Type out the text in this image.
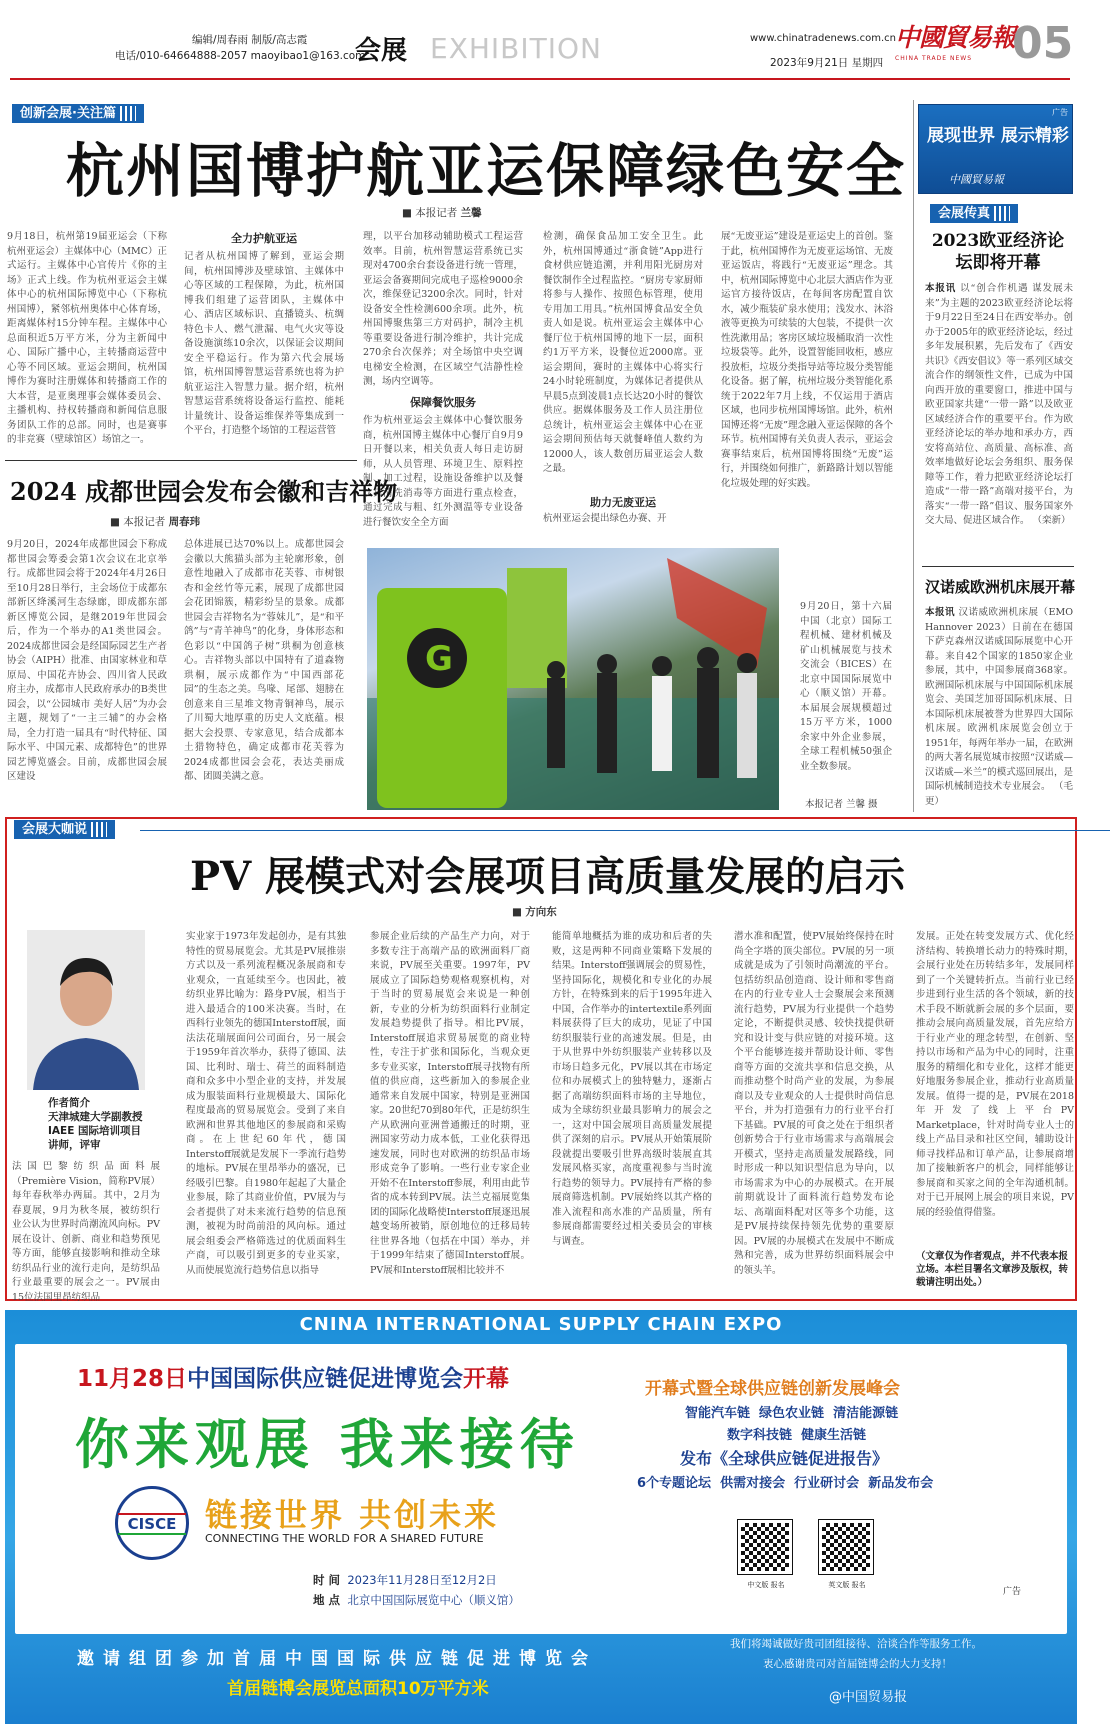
编辑/周春雨 制版/高志霞
电话/010-64664888-2057 maoyibao1@163.com
会展 EXHIBITION	www.chinatradenews.com.cn
2023年9月21日 星期四
中國貿易報
CHINA TRADE NEWS 05
创新会展·关注篇
杭州国博护航亚运保障绿色安全
■ 本报记者 兰馨
9月18日，杭州第19届亚运会（下称杭州亚运会）主媒体中心（MMC）正式运行。主媒体中心官传片《你的主场》正式上线。作为杭州亚运会主媒体中心的杭州国际博览中心（下称杭州国博），紧邻杭州奥体中心体育场，距离媒体村15分钟车程。主媒体中心总面积近5万平方米，分为主新闻中心、国际广播中心，主转播商运营中心等不同区域。亚运会期间，杭州国博作为赛时注册媒体和转播商工作的大本营，是亚奥理事会媒体委员会、主播机构、持权转播商和新闻信息服务团队工作的总部。同时，也是赛事的非竞赛（壁球馆区）场馆之一。
全力护航亚运
记者从杭州国博了解到，亚运会期间，杭州国博涉及壁球馆、主媒体中心等区域的工程保障，为此，杭州国博我们组建了运营团队，主媒体中心、酒店区域标识、直播镜头、杭绸特色卡人、燃气泄漏、电气火灾等设备设施演练10余次，以保证会议期间安全平稳运行。作为第六代会展场馆，杭州国博智慧运营系统也将为护航亚运注入智慧力量。据介绍，杭州智慧运营系统将设备运行监控、能耗计量统计、设备运维保养等集成到一个平台，打造整个场馆的工程运营管
理，以平台加移动辅助模式工程运营效率。目前，杭州智慧运营系统已实现对4700余台套设备进行统一管理，亚运会备赛期间完成电子巡检9000余次，维保登记3200余次。同时，针对设备安全性检测600余项。此外，杭州国博聚焦第三方对码护，制冷主机等重要设备进行制冷维护，共计完成270余台次保养；对全场馆中央空调电梯安全检测，在区域空气洁静性检测，场内空调等。
保障餐饮服务
作为杭州亚运会主媒体中心餐饮服务商，杭州国博主媒体中心餐厅自9月9日开餐以来，相关负责人每日走访厨师，从人员管理、环境卫生、原料控制、加工过程，设施设备维护以及餐饮具清洗消毒等方面进行重点检查，通过完成与粗、红外测温等专业设备进行餐饮安全全方面
检测，确保食品加工安全卫生。此外，杭州国博通过“浙食链”App进行食材供应链追溯，并利用阳光厨房对餐饮制作全过程监控。“厨房专家厨师将参与人操作、按照色标管理，使用专用加工用具。”杭州国博食品安全负责人如是说。杭州亚运会主媒体中心餐厅位于杭州国博的地下一层，面积约1万平方米，设餐位近2000席。亚运会期间，赛时的主媒体中心将实行24小时轮班制度，为媒体记者提供从早晨5点到凌晨1点长达20小时的餐饮供应。据媒体服务及工作人员注册位总统计，杭州亚运会主媒体中心在亚运会期间预估每天就餐峰值人数约为12000人，该人数创历届亚运会人数之最。
助力无废亚运
杭州亚运会提出绿色办赛、开
展“无废亚运”建设是亚运史上的首创。鉴于此，杭州国博作为无废亚运场馆、无废亚运饭店，将践行“无废亚运”理念。其中，杭州国际博览中心北层大酒店作为亚运官方接待饭店，在每间客房配置自饮水，减少瓶装矿泉水使用；浅发水、沐浴液等更换为可续装的大包装，不提供一次性洗漱用品；客房区域垃圾桶取消一次性垃圾袋等。此外，设置智能回收柜，感应投放柜，垃圾分类指导站等垃圾分类智能化设备。据了解，杭州垃圾分类智能化系统于2022年7月上线，不仅运用于酒店区域，也同步杭州国博场馆。此外，杭州国博还将“无废”理念融入亚运保障的各个环节。杭州国博有关负责人表示，亚运会赛事结束后，杭州国博将围绕“无废”运行，并围绕如何推广，新路路计划以智能化垃圾处理的好实践。
2024 成都世园会发布会徽和吉祥物
■ 本报记者 周春玮
9月20日，2024年成都世园会下称成都世园会筹委会第1次会议在北京举行。成都世园会将于2024年4月26日至10月28日举行，主会场位于成都东部新区绛溪河生态绿廊，即成都东部新区博览公园，是继2019年世园会后，作为一个举办的A1类世园会。2024成都世园会是经国际园艺生产者协会（AIPH）批准、由国家林业和草原局、中国花卉协会、四川省人民政府主办，成都市人民政府承办的B类世园会，以“公园城市 美好人居”为办会主题，规划了“一主三辅”的办会格局，全力打造一届具有“时代特征、国际水平、中国元素、成都特色”的世界园艺博览盛会。目前，成都世园会展区建设
总体进展已达70%以上。成都世园会会徽以大熊猫头部为主轮廓形象，创意性地融入了成都市花芙蓉、市树银杏和金丝竹等元素，展现了成都世园会花团锦簇，精彩纷呈的景象。成都世园会吉祥物名为“蓉妹儿”，是“和平鸽”与“青羊神鸟”的化身，身体形态和色彩以“中国鸽子树”珙桐为创意核心。吉祥物头部以中国特有了道森物珙桐，展示成都作为“中国西部花园”的生态之美。鸟喙、尾部、翅膀在创意来自三星堆文物青铜神鸟，展示了川蜀大地厚重的历史人文底蕴。根据大会投票、专家意见，结合成都本土猎物特色，确定成都市花芙蓉为2024成都世园会会花，表达美丽成都、团圆美满之意。
G
9月20日，第十六届中国（北京）国际工程机械、建材机械及矿山机械展览与技术交流会（BICES）在北京中国国际展览中心（顺义馆）开幕。本届展会展规模超过15万平方米，1000余家中外企业参展，全球工程机械50强企业全数参展。
本报记者 兰馨 摄
展现世界 展示精彩
中國貿易報
广告
会展传真
2023欧亚经济论坛即将开幕
本报讯 以“创合作机遇 谋发展未来”为主题的2023欧亚经济论坛将于9月22日至24日在西安举办。创办于2005年的欧亚经济论坛，经过多年发展积累，先后发布了《西安共识》《西安倡议》等一系列区域交流合作的纲领性文件，已成为中国向西开放的重要窗口，推进中国与欧亚国家共建“一带一路”以及欧亚区域经济合作的重要平台。作为欧亚经济论坛的举办地和承办方，西安将高站位、高质量、高标准、高效率地做好论坛会务组织、服务保障等工作，着力把欧亚经济论坛打造成“一带一路”高端对接平台，为落实“一带一路”倡议、服务国家外交大局、促进区域合作。 （栾新）
汉诺威欧洲机床展开幕
本报讯 汉诺威欧洲机床展（EMO Hannover 2023）日前在在德国下萨克森州汉诺威国际展览中心开幕。来自42个国家的1850家企业参展，其中，中国参展商368家。欧洲国际机床展与中国国际机床展览会、美国芝加哥国际机床展、日本国际机床展被誉为世界四大国际机床展。欧洲机床展览会创立于1951年，每两年举办一届，在欧洲的两大著名展览城市按照“汉诺威—汉诺威—米兰”的模式巡回展出，是国际机械制造技术专业展会。 （毛更）
会展大咖说
PV 展模式对会展项目高质量发展的启示
■ 方向东
作者简介
天津城建大学副教授
IAEE 国际培训项目
讲师，评审
法国巴黎纺织品面料展（Première Vision，简称PV展）每年春秋举办两届。其中，2月为春夏展，9月为秋冬展，被纺织行业公认为世界时尚潮流风向标。PV展在设计、创新、商业和趋势预见等方面，能够直接影响和推动全球纺织品行业的流行走向，是纺织品行业最重要的展会之一。PV展由15位法国里昂纺织品
实业家于1973年发起创办，是有其独特性的贸易展览会。尤其是PV展推崇方式以及一系列流程概况条展商和专业观众，一直延续至今。也因此，被纺织业界比喻为：路身PV展，相当于进入最适合的100米决赛。当时，在西科行业领先的德国Interstoff展，面法法花瑞展面问公司面台，另一展会于1959年首次举办，获得了德国、法国、比利时、瑞士、荷兰的面料制造商和众多中小型企业的支持，并发展成为服装面料行业规模最大、国际化程度最高的贸易展览会。受到了来自欧洲和世界其他地区的参展商和采购商。在上世纪60年代，德国Interstoff展就是发展下一季流行趋势的地标。PV展在里昂举办的盛况，已经吸引巴黎。自1980年起起了大量企业参展，除了其商业价值，PV展为与会者提供了对未来流行趋势的信息预测，被视为时尚前沿的风向标。通过展会组委会严格筛选过的优质面料生产商，可以吸引到更多的专业买家，从而使展览流行趋势信息以指导
参展企业后续的产品生产力向，对于多数专注于高端产品的欧洲面料厂商来说，PV展至关重要。1997年，PV展成立了国际趋势观格观察机构，对于当时的贸易展览会来说是一种创新，专业的分析为纺织面料行业制定发展趋势提供了指导。相比PV展，Interstoff展追求贸易展览的商业特性，专注于扩张和国际化，当观众更多专业买家，Interstoff展寻找物有所值的供应商，这些新加入的参展企业通常来自发展中国家，特别是亚洲国家。20世纪70到80年代，正是纺织生产从欧洲向亚洲普通搬迁的时期，亚洲国家劳动力成本低，工业化获得迅速发展，同时也对欧洲的纺织品市场形成竞争了影响。一些行业专家企业开始不在Interstoff参展，利用由此节省的成本转到PV展。法兰克福展览集团的国际化战略使Interstoff展逐迅展越变场所被销，原创地位的迁移局转往世界各地（包括在中国）举办，并于1999年结束了德国Interstoff展。PV展和Interstoff展相比较并不
能简单地概括为谁的成功和后者的失败，这是两种不同商业策略下发展的结果。Interstoff强调展会的贸易性，坚持国际化，规模化和专业化的办展方针，在特殊到来的后于1995年进入中国，合作举办的intertextile系列面料展获得了巨大的成功，见证了中国纺织服装行业的高速发展。但是，由于从世界中外纺织服装产业转移以及市场日趋多元化，PV展以其在市场定位和办展模式上的独特魅力，逐渐占据了高端纺织面料市场的主导地位，成为全球纺织业最具影响力的展会之一，这对中国会展项目高质量发展提供了深刻的启示。PV展从开始策展阶段就提出要吸引世界高级时装展直其发展风格买家，高度重视参与当时流行趋势的领导力。PV展持有严格的参展商筛选机制。PV展始终以其产格的准入流程和高水准的产品质量，所有参展商都需要经过相关委员会的审核与调查。
潜水准和配置，使PV展始终保持在时尚全字塔的顶尖部位。PV展的另一项成就是成为了引领时尚潮流的平台。包括纺织品创造商、设计师和零售商在内的行业专业人士会聚展会来预测流行趋势，PV展为行业提供一个趋势定论，不断提供灵感、较快找提供研究和设计变与供应链的对接环境。这个平台能够连接并帮助设计师、零售商等方面的交流共享和信息交换，从而推动整个时尚产业的发展，为参展商以及专业观众的人士提供时尚信息平台，并为打造强有力的行业平台打下基础。PV展的可食之处在于组织者创新势合于行业市场需求与高端展会开模式，坚持走高质量发展路线，同时形成一种以知识型信息为导向，以市场需求为中心的办展模式。在开展前期就设计了面料流行趋势发布论坛、高端面料配对区等多个功能，这是PV展持续保持领先优势的重要原因。PV展的办展模式在发展中不断成熟和完善，成为世界纺织面料展会中的领头羊。
发展。正处在转变发展方式、优化经济结构、转换增长动力的特殊时期，会展行业处在历转结多年，发展同样到了一个关键转折点。当前行业已经步进到行业生活的各个领域，新的技术手段不断就新会展的多个层面，要推动会展向高质量发展，首先应给方于行业产业的理念转型，在创新、坚持以市场和产品为中心的同时，注重服务的精细化和专业化，这样才能更好地服务参展企业，推动行业高质量发展。值得一提的是，PV展在2018年开发了线上平台PV Marketplace，针对时尚专业人士的线上产品目录和社区空间，辅助设计师寻找样品和订单产品，让参展商增加了接触新客户的机会，同样能够让参展商和买家之间的全年沟通机制。对于已开展网上展会的项目来说，PV展的经验值得借鉴。
（文章仅为作者观点，并不代表本报立场。本栏目署名文章涉及版权，转载请注明出处。）
CNINA INTERNATIONAL SUPPLY CHAIN EXPO
11月28日中国国际供应链促进博览会开幕
你来观展 我来接待
CISCE 链接世界 共创未来
CONNECTING THE WORLD FOR A SHARED FUTURE
时 间 2023年11月28日至12月2日
地 点 北京中国国际展览中心（顺义馆）
开幕式暨全球供应链创新发展峰会
智能汽车链  绿色农业链  清洁能源链
数字科技链  健康生活链
发布《全球供应链促进报告》
6个专题论坛  供需对接会  行业研讨会  新品发布会
中文版 报名	英文版 报名
广告
邀请组团参加首届中国国际供应链促进博览会
首届链博会展览总面积10万平方米
我们将竭诚做好贵司团组接待、洽谈合作等服务工作。
衷心感谢贵司对首届链博会的大力支持！
@中国贸易报
